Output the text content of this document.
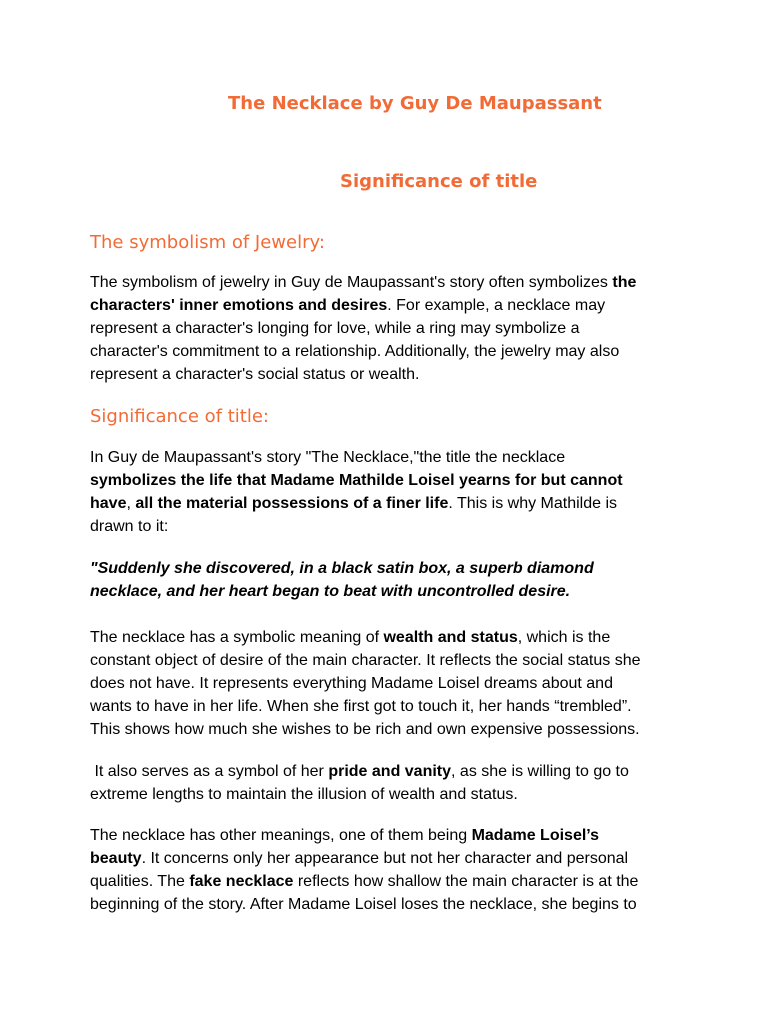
The Necklace by Guy De Maupassant
Significance of title
The symbolism of Jewelry:
The symbolism of jewelry in Guy de Maupassant's story often symbolizes the
characters' inner emotions and desires. For example, a necklace may
represent a character's longing for love, while a ring may symbolize a
character's commitment to a relationship. Additionally, the jewelry may also
represent a character's social status or wealth.
Significance of title:
In Guy de Maupassant's story "The Necklace,"the title the necklace
symbolizes the life that Madame Mathilde Loisel yearns for but cannot
have, all the material possessions of a finer life. This is why Mathilde is
drawn to it:
"Suddenly she discovered, in a black satin box, a superb diamond
necklace, and her heart began to beat with uncontrolled desire.
The necklace has a symbolic meaning of wealth and status, which is the
constant object of desire of the main character. It reflects the social status she
does not have. It represents everything Madame Loisel dreams about and
wants to have in her life. When she first got to touch it, her hands “trembled”.
This shows how much she wishes to be rich and own expensive possessions.
It also serves as a symbol of her pride and vanity, as she is willing to go to
extreme lengths to maintain the illusion of wealth and status.
The necklace has other meanings, one of them being Madame Loisel’s
beauty. It concerns only her appearance but not her character and personal
qualities. The fake necklace reflects how shallow the main character is at the
beginning of the story. After Madame Loisel loses the necklace, she begins to
